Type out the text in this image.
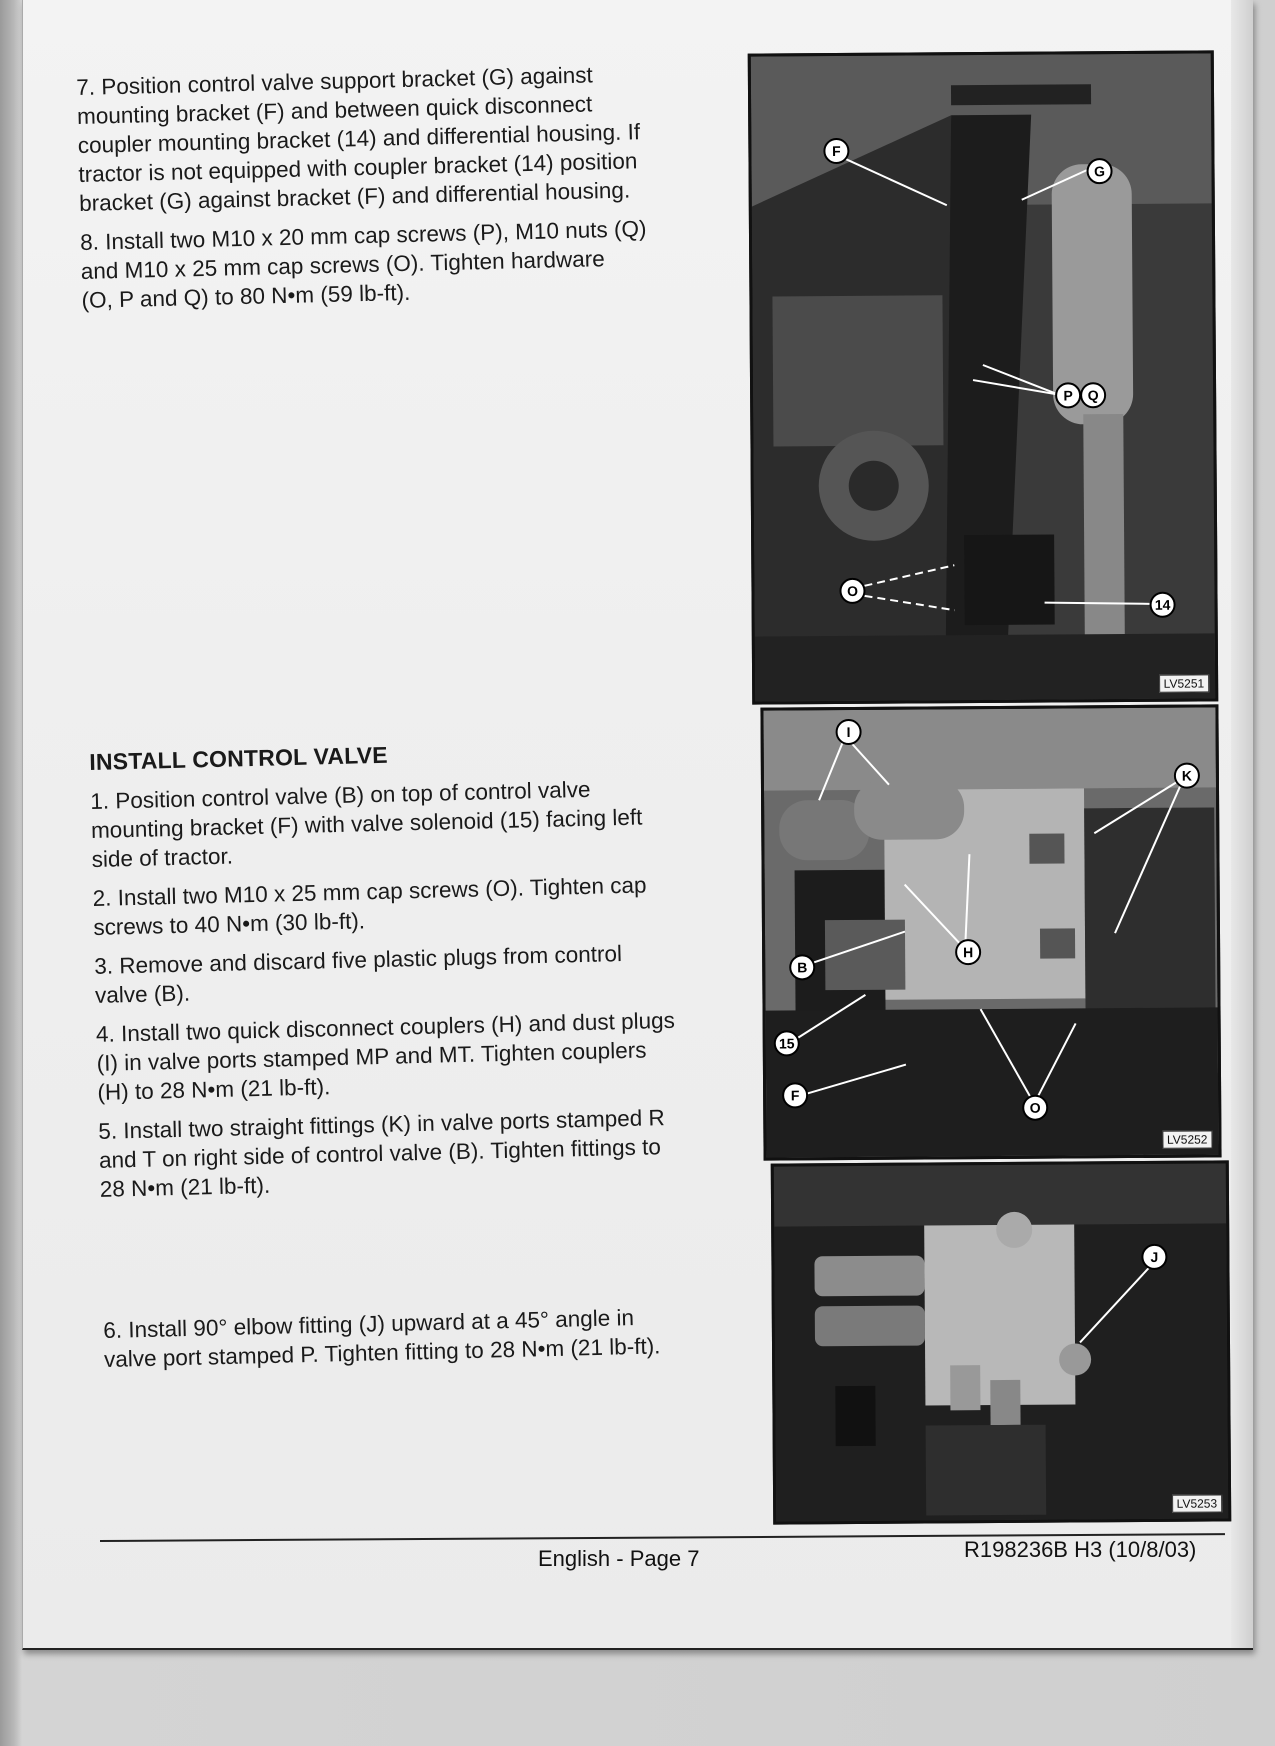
7. Position control valve support bracket (G) against
mounting bracket (F) and between quick disconnect
coupler mounting bracket (14) and differential housing. If
tractor is not equipped with coupler bracket (14) position
bracket (G) against bracket (F) and differential housing.

8. Install two M10 x 20 mm cap screws (P), M10 nuts (Q)
and M10 x 25 mm cap screws (O). Tighten hardware
(O, P and Q) to 80 N•m (59 lb-ft).

INSTALL CONTROL VALVE

1. Position control valve (B) on top of control valve
mounting bracket (F) with valve solenoid (15) facing left
side of tractor.

2. Install two M10 x 25 mm cap screws (O). Tighten cap
screws to 40 N•m (30 lb-ft).

3. Remove and discard five plastic plugs from control
valve (B).

4. Install two quick disconnect couplers (H) and dust plugs
(I) in valve ports stamped MP and MT. Tighten couplers
(H) to 28 N•m (21 lb-ft).

5. Install two straight fittings (K) in valve ports stamped R
and T on right side of control valve (B). Tighten fittings to
28 N•m (21 lb-ft).

6. Install 90° elbow fitting (J) upward at a 45° angle in
valve port stamped P. Tighten fitting to 28 N•m (21 lb-ft).

F
G
P	Q
O
14
LV5251
I
K
H
B
15
F
O
LV5252
J
LV5253
English - Page 7	R198236B H3 (10/8/03)
